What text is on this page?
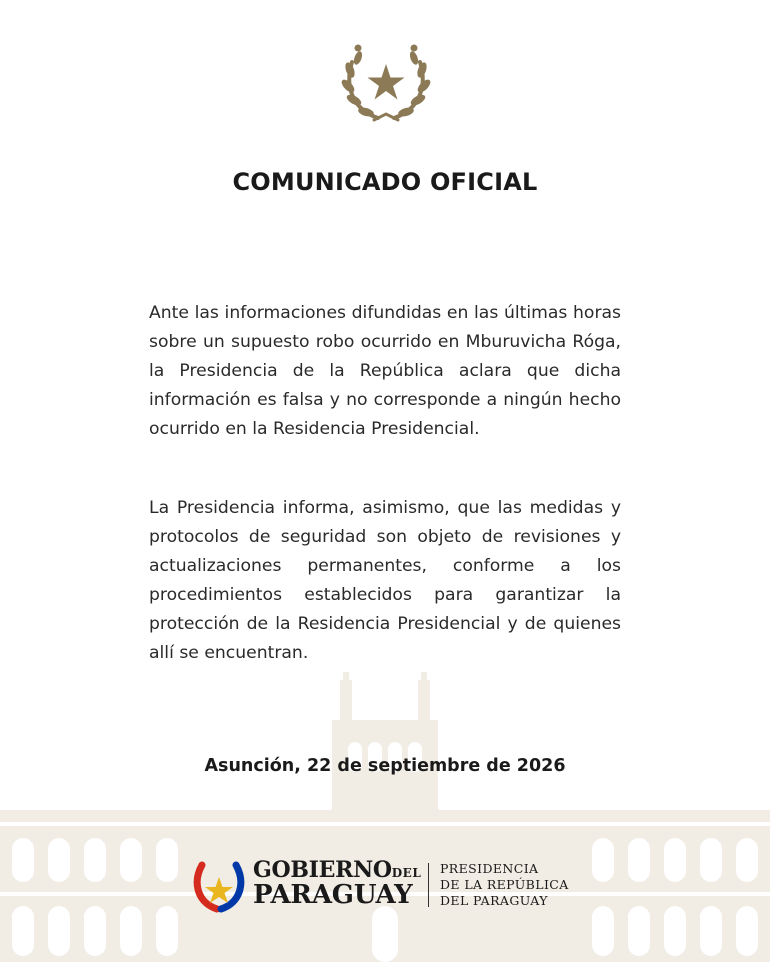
COMUNICADO OFICIAL
Ante las informaciones difundidas en las últimas horas sobre un supuesto robo ocurrido en Mburuvicha Róga, la Presidencia de la República aclara que dicha información es falsa y no corresponde a ningún hecho ocurrido en la Residencia Presidencial.
La Presidencia informa, asimismo, que las medidas y protocolos de seguridad son objeto de revisiones y actualizaciones permanentes, conforme a los procedimientos establecidos para garantizar la protección de la Residencia Presidencial y de quienes allí se encuentran.
Asunción, 22 de septiembre de 2026
GOBIERNODEL
PARAGUAY
PRESIDENCIA
DE LA REPÚBLICA
DEL PARAGUAY
